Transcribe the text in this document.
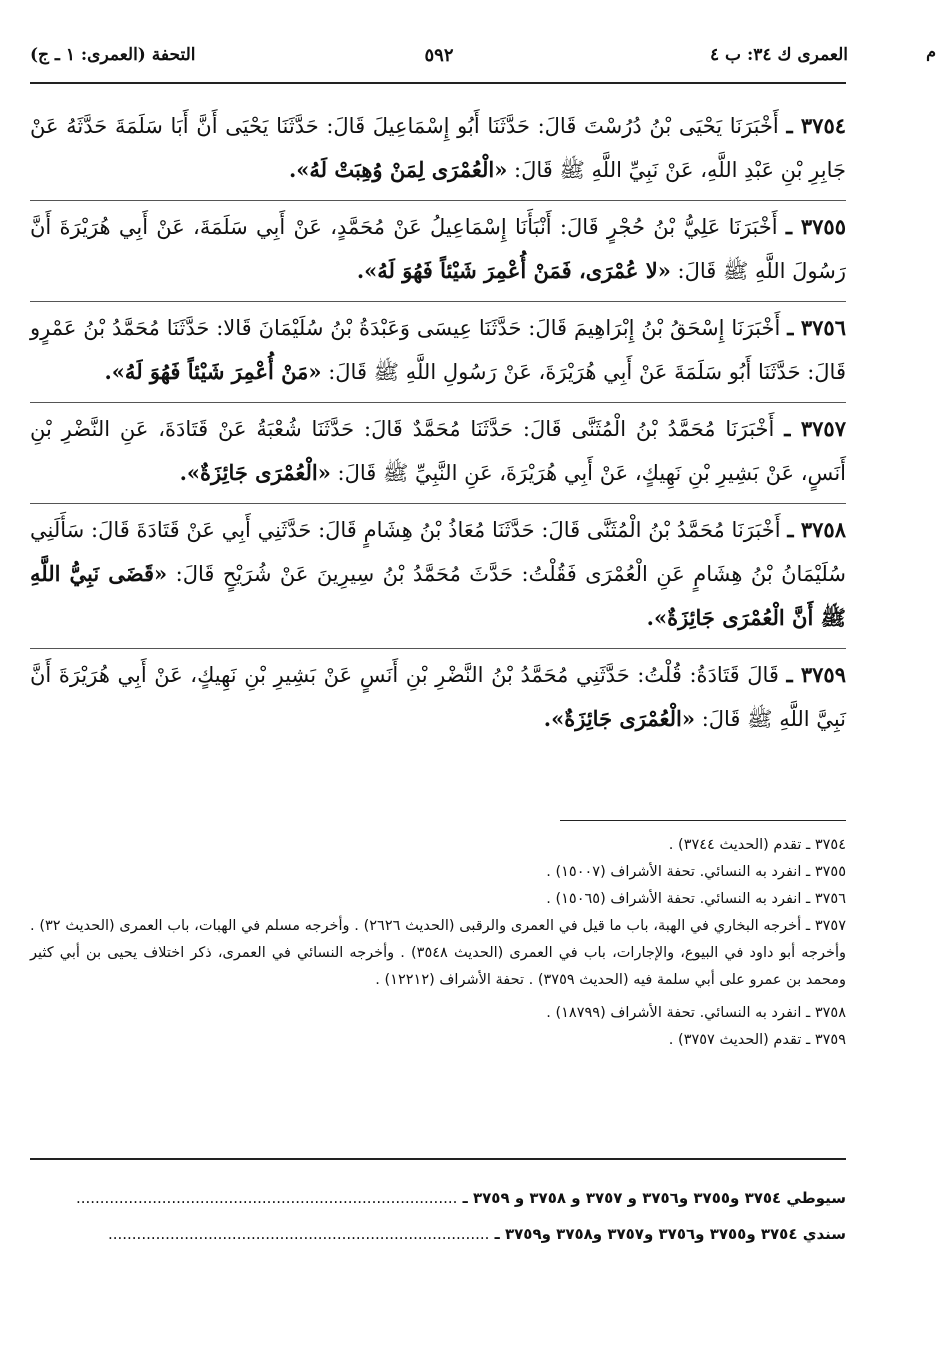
العمرى ك ٣٤: ب ٤
٥٩٢
التحفة (العمرى: ١ ـ ج)	م
٣٧٥٤ ـ أَخْبَرَنَا يَحْيَى بْنُ دُرُسْتَ قَالَ: حَدَّثَنَا أَبُو إِسْمَاعِيلَ قَالَ: حَدَّثَنَا يَحْيَى أَنَّ أَبَا سَلَمَةَ حَدَّثَهُ عَنْ جَابِرِ بْنِ عَبْدِ اللَّهِ، عَنْ نَبِيِّ اللَّهِ ﷺ قَالَ: «الْعُمْرَى لِمَنْ وُهِبَتْ لَهُ».
٣٧٥٥ ـ أَخْبَرَنَا عَلِيُّ بْنُ حُجْرٍ قَالَ: أَنْبَأَنَا إِسْمَاعِيلُ عَنْ مُحَمَّدٍ، عَنْ أَبِي سَلَمَةَ، عَنْ أَبِي هُرَيْرَةَ أَنَّ رَسُولَ اللَّهِ ﷺ قَالَ: «لا عُمْرَى، فَمَنْ أُعْمِرَ شَيْئاً فَهُوَ لَهُ».
٣٧٥٦ ـ أَخْبَرَنَا إِسْحَقُ بْنُ إِبْرَاهِيمَ قَالَ: حَدَّثَنَا عِيسَى وَعَبْدَةُ بْنُ سُلَيْمَانَ قَالا: حَدَّثَنَا مُحَمَّدُ بْنُ عَمْرٍو قَالَ: حَدَّثَنَا أَبُو سَلَمَةَ عَنْ أَبِي هُرَيْرَةَ، عَنْ رَسُولِ اللَّهِ ﷺ قَالَ: «مَنْ أُعْمِرَ شَيْئاً فَهُوَ لَهُ».
٣٧٥٧ ـ أَخْبَرَنَا مُحَمَّدُ بْنُ الْمُثَنَّى قَالَ: حَدَّثَنَا مُحَمَّدٌ قَالَ: حَدَّثَنَا شُعْبَةُ عَنْ قَتَادَةَ، عَنِ النَّضْرِ بْنِ أَنَسٍ، عَنْ بَشِيرِ بْنِ نَهِيكٍ، عَنْ أَبِي هُرَيْرَةَ، عَنِ النَّبِيِّ ﷺ قَالَ: «الْعُمْرَى جَائِزَةٌ».
٣٧٥٨ ـ أَخْبَرَنَا مُحَمَّدُ بْنُ الْمُثَنَّى قَالَ: حَدَّثَنَا مُعَاذُ بْنُ هِشَامٍ قَالَ: حَدَّثَنِي أَبِي عَنْ قَتَادَةَ قَالَ: سَأَلَنِي سُلَيْمَانُ بْنُ هِشَامٍ عَنِ الْعُمْرَى فَقُلْتُ: حَدَّثَ مُحَمَّدُ بْنُ سِيرِينَ عَنْ شُرَيْحٍ قَالَ: «قَضَى نَبِيُّ اللَّهِ ﷺ أَنَّ الْعُمْرَى جَائِزَةٌ».
٣٧٥٩ ـ قَالَ قَتَادَةُ: قُلْتُ: حَدَّثَنِي مُحَمَّدُ بْنُ النَّضْرِ بْنِ أَنَسٍ عَنْ بَشِيرِ بْنِ نَهِيكٍ، عَنْ أَبِي هُرَيْرَةَ أَنَّ نَبِيَّ اللَّهِ ﷺ قَالَ: «الْعُمْرَى جَائِزَةٌ».

٣٧٥٤ ـ تقدم (الحديث ٣٧٤٤) .

٣٧٥٥ ـ انفرد به النسائي. تحفة الأشراف (١٥٠٠٧) .

٣٧٥٦ ـ انفرد به النسائي. تحفة الأشراف (١٥٠٦٥) .

٣٧٥٧ ـ أخرجه البخاري في الهبة، باب ما قيل في العمرى والرقبى (الحديث ٢٦٢٦) . وأخرجه مسلم في الهبات، باب العمرى (الحديث ٣٢) . وأخرجه أبو داود في البيوع، والإجارات، باب في العمرى (الحديث ٣٥٤٨) . وأخرجه النسائي في العمرى، ذكر اختلاف يحيى بن أبي كثير ومحمد بن عمرو على أبي سلمة فيه (الحديث ٣٧٥٩) . تحفة الأشراف (١٢٢١٢) .

٣٧٥٨ ـ انفرد به النسائي. تحفة الأشراف (١٨٧٩٩) .

٣٧٥٩ ـ تقدم (الحديث ٣٧٥٧) .

سيوطي ٣٧٥٤ و٣٧٥٥ و٣٧٥٦ و ٣٧٥٧ و ٣٧٥٨ و ٣٧٥٩ ـ ................................................................................
سندي ٣٧٥٤ و٣٧٥٥ و٣٧٥٦ و٣٧٥٧ و٣٧٥٨ و٣٧٥٩ ـ ................................................................................
